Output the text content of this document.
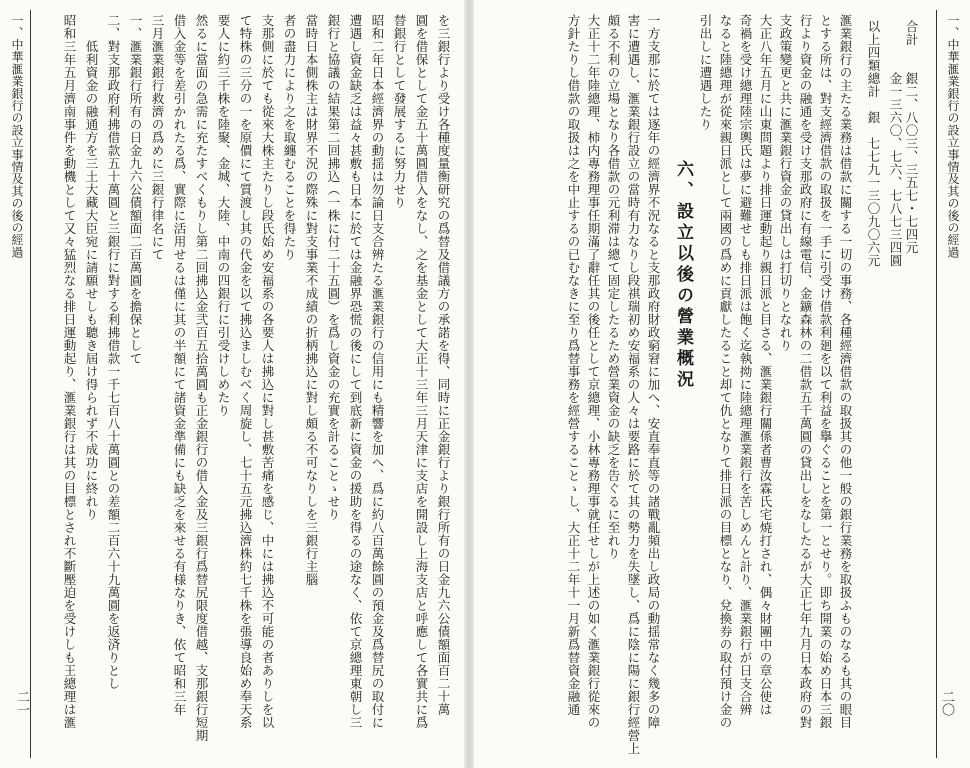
一、中華滙業銀行の設立事情及其の後の經過
二〇
合計　　銀二、八〇三、三五七・七四元
　　　　金一三六〇、七六、七八七三四圓
以上四類總計　銀　七七九一三〇九〇六元
滙業銀行の主たる業務は借款に關する一切の事務、各種經濟借款の取扱其の他一般の銀行業務を取扱ふものなるも其の眼目
とする所は、對支經濟借款の取扱を一手に引受け借款利廻を以て利益を擧ぐることを第一とせり。即ち開業の始め日本三銀
行より資金の融通を受け支那政府に有線電信、金鑛森林の二借款五千萬圓の貸出しをなしたるが大正七年九月日本政府の對
支政策變更と共に滙業銀行資金の貸出しは打切りとなれり
大正八年五月に山東問題より排日運動起り親日派と目さる、滙業銀行關係者曹汝霖氏宅焼打され、偶々財團中の章公使は
奇禍を受け總理陸宗輿氏は夢に避難せしも排日派は飽く迄執拗に陸總理滙業銀行を苦しめんと計り、滙業銀行が日支合辨
なると陸總理が從來親日派として兩國の爲めに貢獻したること却て仇となりて排日派の目標となり、兌換券の取付預け金の
引出しに遭遇したり
六、設立以後の營業概況
一方支那に於ては逐年の經濟界不況なると支那政府財政窮窘に加へ、安直奉直等の諸戰亂頻出し政局の動揺常なく幾多の障
害に遭遇し、滙業銀行設立の當時有力なりし段祺瑞初め安福系の人々は要路に於て其の勢力を失墜し、爲に陰に陽に銀行經營上
頗る不利の立場となり各借款の元利滞は總て固定したるため營業資金の缺乏を告ぐるに至れり
大正十二年陸總理、柿内專務理事任期滿了辭任其の後任として京總理、小林專務理事就任せしが上述の如く滙業銀行從來の
方針たりし借款の取扱は之を中止するの已むなきに至り爲替事務を經營することゝし、大正十二年十一月新爲替資金融通
を三銀行より受け各種度量衡研究の爲替及借議方の承諾を得、同時に正金銀行より銀行所有の日金九六公債額面百二十萬
圓を借保として金五十萬圓借入をなし、之を基金として大正十三年三月天津に支店を開設し上海支店と呼應して各實共に爲
替銀行として發展するに努力せり
昭和二年日本經濟界の動揺は勿論日支合辨たる滙業銀行の信用にも精響を加へ、爲に約八百萬餘圓の預金及爲替尻の取付に
遭遇し資金缺乏は益々甚敷も日本に於ては金融界恐慌の後にして到底新に資金の援助を得るの途なく、依て京總理東朝し三
銀行と協議の結果第二回拂込（一株に付二十五圓）を爲し資金の充實を計ることゝせり
當時日本側株主は財界不況の際殊に對支事業不成績の折柄拂込に對し頗る不可なりしを三銀行主腦
者の盡力により之を取纏むることを得たり
支那側に於ても從來大株主たりし段氏始め安福系の各要人は拂込に對し甚敷苦痛を感じ、中には拂込不可能の者ありしを以
て特株の三分の一を原價にて質渡し其の代金を以て拂込ましむべく周旋し、七十五元拂込濟株約七千株を張導良始め奉天系
要人に約三千株を陸聚、金城、大陸、中南の四銀行に引受けしめたり
然るに當面の急需に充たすべくもりし第二回拂込金弐百五拾萬圓も正金銀行の借入金及三銀行爲替尻限度借越、支那銀行短期
借入金等を差引かれたる爲、實際に活用せるは僅に其の半額にて諸資金準備にも缺乏を來せる有様なりき、依て昭和三年
三月滙業銀行救濟の爲めに三銀行律名にて
一、滙業銀行所有の日金九六公債額面二百萬圓を擔保として
二、對支那政府利拂借款五十萬圓と三銀行に對する利拂借款一千七百八十萬圓との差額二百六十九萬圓を返済りとし
　　低利資金の融通方を三土大藏大臣宛に請願せしも聽き屆け得られず不成功に終れり
昭和三年五月濟南事件を動機として又々猛烈なる排日運動起り、滙業銀行は其の目標とされ不斷壓迫を受けしも王總理は滙
一、中華滙業銀行の設立事情及其の後の經過
二一
